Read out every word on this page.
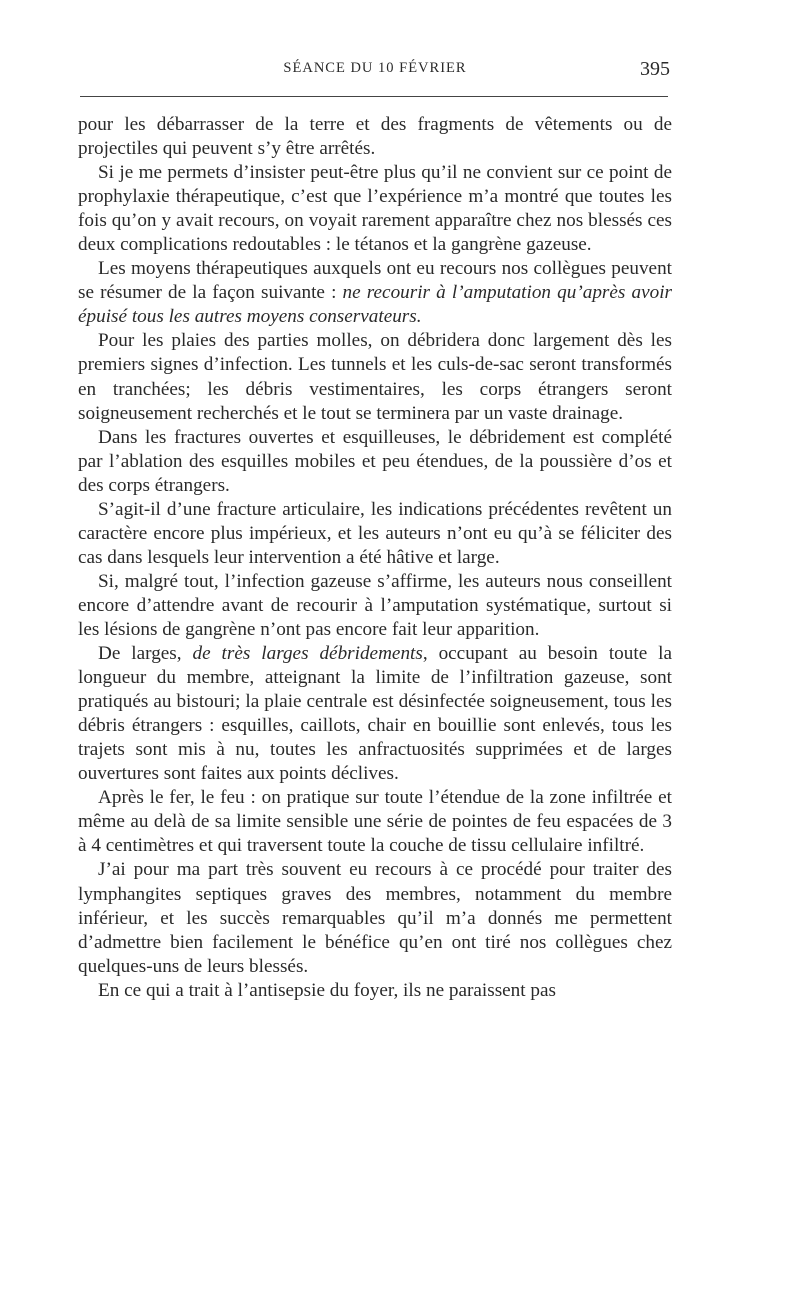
SÉANCE DU 10 FÉVRIER	395

pour les débarrasser de la terre et des fragments de vêtements ou de projectiles qui peuvent s’y être arrêtés.

Si je me permets d’insister peut-être plus qu’il ne convient sur ce point de prophylaxie thérapeutique, c’est que l’expérience m’a montré que toutes les fois qu’on y avait recours, on voyait rarement apparaître chez nos blessés ces deux complications redoutables : le tétanos et la gangrène gazeuse.

Les moyens thérapeutiques auxquels ont eu recours nos collègues peuvent se résumer de la façon suivante : ne recourir à l’amputation qu’après avoir épuisé tous les autres moyens conservateurs.

Pour les plaies des parties molles, on débridera donc largement dès les premiers signes d’infection. Les tunnels et les culs-de-sac seront transformés en tranchées; les débris vestimentaires, les corps étrangers seront soigneusement recherchés et le tout se terminera par un vaste drainage.

Dans les fractures ouvertes et esquilleuses, le débridement est complété par l’ablation des esquilles mobiles et peu étendues, de la poussière d’os et des corps étrangers.

S’agit-il d’une fracture articulaire, les indications précédentes revêtent un caractère encore plus impérieux, et les auteurs n’ont eu qu’à se féliciter des cas dans lesquels leur intervention a été hâtive et large.

Si, malgré tout, l’infection gazeuse s’affirme, les auteurs nous conseillent encore d’attendre avant de recourir à l’amputation systématique, surtout si les lésions de gangrène n’ont pas encore fait leur apparition.

De larges, de très larges débridements, occupant au besoin toute la longueur du membre, atteignant la limite de l’infiltration gazeuse, sont pratiqués au bistouri; la plaie centrale est désinfectée soigneusement, tous les débris étrangers : esquilles, caillots, chair en bouillie sont enlevés, tous les trajets sont mis à nu, toutes les anfractuosités supprimées et de larges ouvertures sont faites aux points déclives.

Après le fer, le feu : on pratique sur toute l’étendue de la zone infiltrée et même au delà de sa limite sensible une série de pointes de feu espacées de 3 à 4 centimètres et qui traversent toute la couche de tissu cellulaire infiltré.

J’ai pour ma part très souvent eu recours à ce procédé pour traiter des lymphangites septiques graves des membres, notamment du membre inférieur, et les succès remarquables qu’il m’a donnés me permettent d’admettre bien facilement le bénéfice qu’en ont tiré nos collègues chez quelques-uns de leurs blessés.

En ce qui a trait à l’antisepsie du foyer, ils ne paraissent pas
